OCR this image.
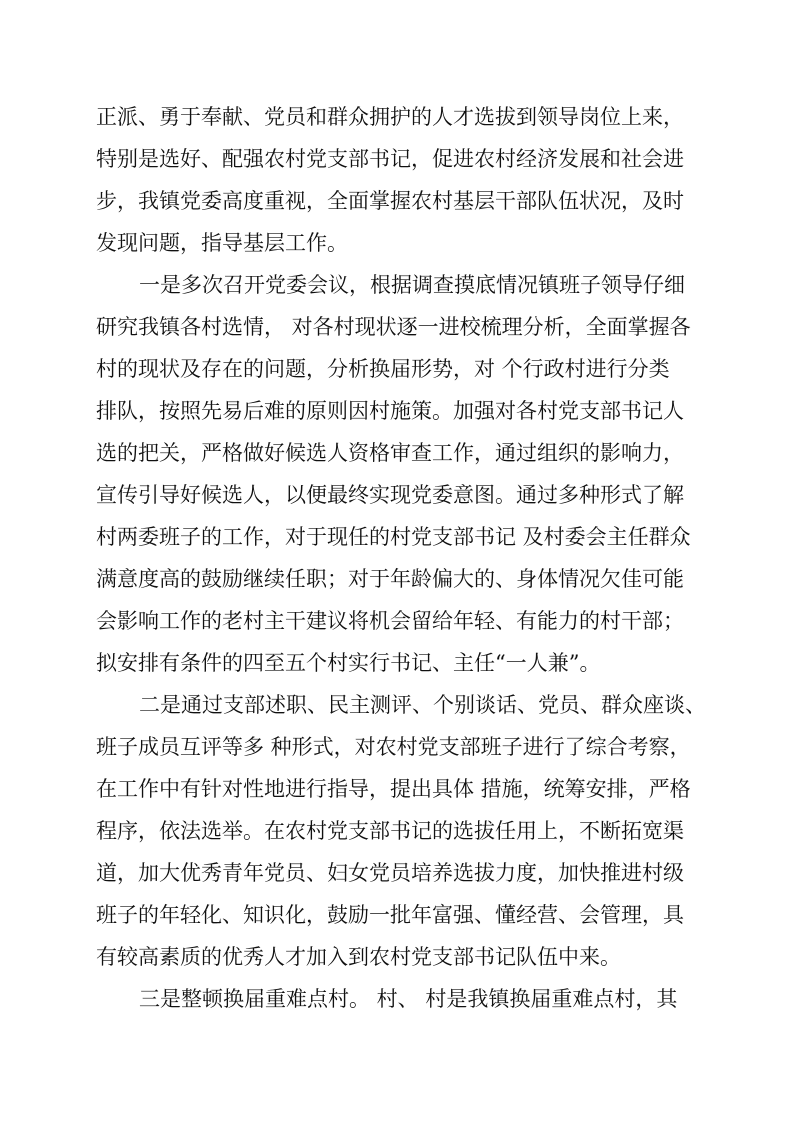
正派、勇于奉献、党员和群众拥护的人才选拔到领导岗位上来，
特别是选好、配强农村党支部书记，促进农村经济发展和社会进
步，我镇党委高度重视，全面掌握农村基层干部队伍状况，及时
发现问题，指导基层工作。
一是多次召开党委会议，根据调查摸底情况镇班子领导仔细
研究我镇各村选情， 对各村现状逐一进校梳理分析，全面掌握各
村的现状及存在的问题，分析换届形势，对 个行政村进行分类
排队，按照先易后难的原则因村施策。加强对各村党支部书记人
选的把关，严格做好候选人资格审查工作，通过组织的影响力，
宣传引导好候选人，以便最终实现党委意图。通过多种形式了解
村两委班子的工作，对于现任的村党支部书记 及村委会主任群众
满意度高的鼓励继续任职；对于年龄偏大的、身体情况欠佳可能
会影响工作的老村主干建议将机会留给年轻、有能力的村干部；
拟安排有条件的四至五个村实行书记、主任“一人兼”。
二是通过支部述职、民主测评、个别谈话、党员、群众座谈、
班子成员互评等多 种形式，对农村党支部班子进行了综合考察，
在工作中有针对性地进行指导，提出具体 措施，统筹安排，严格
程序，依法选举。在农村党支部书记的选拔任用上，不断拓宽渠
道，加大优秀青年党员、妇女党员培养选拔力度，加快推进村级
班子的年轻化、知识化，鼓励一批年富强、懂经营、会管理，具
有较高素质的优秀人才加入到农村党支部书记队伍中来。
三是整顿换届重难点村。 村、 村是我镇换届重难点村，其
